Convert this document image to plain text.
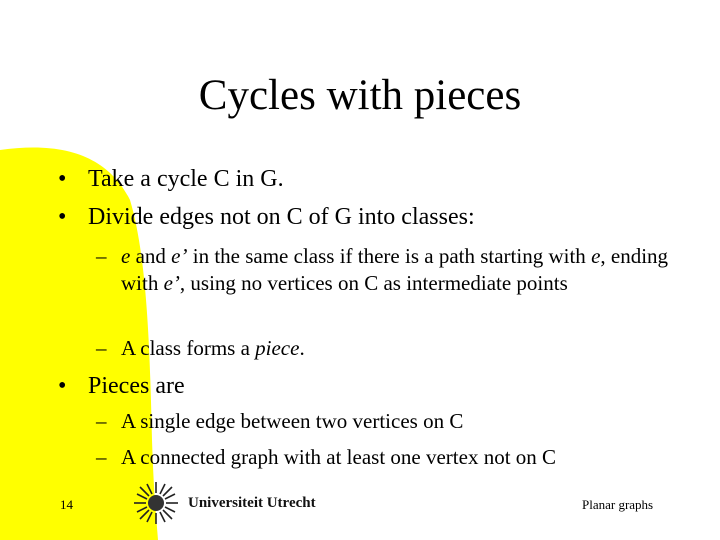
Cycles with pieces
• Take a cycle C in G.
• Divide edges not on C of G into classes:
– e and e’ in the same class if there is a path starting with e, ending with e’, using no vertices on C as intermediate points
– A class forms a piece.
• Pieces are
– A single edge between two vertices on C
– A connected graph with at least one vertex not on C
14	Universiteit Utrecht	Planar graphs
